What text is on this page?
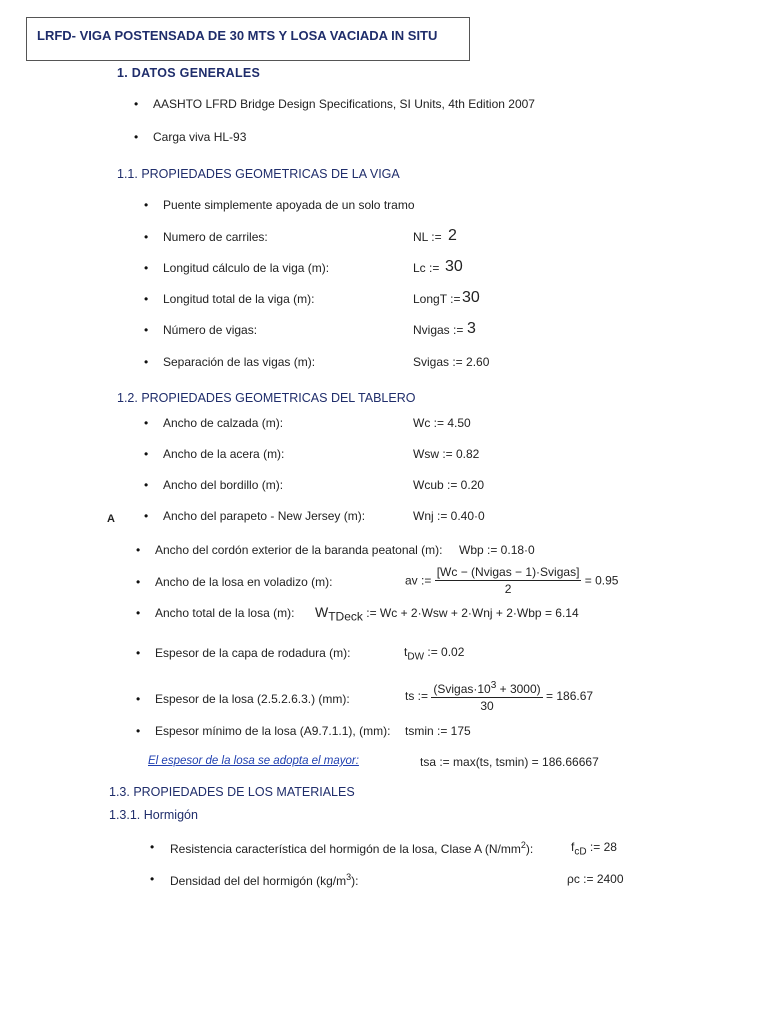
LRFD- VIGA POSTENSADA DE 30 MTS Y LOSA VACIADA IN SITU
1. DATOS GENERALES
• AASHTO LFRD Bridge Design Specifications, SI Units, 4th Edition 2007
• Carga viva HL-93
1.1. PROPIEDADES GEOMETRICAS DE LA VIGA
• Puente simplemente apoyada de un solo tramo
• Numero de carriles:	NL := 2
• Longitud cálculo de la viga (m):	Lc := 30
• Longitud total de la viga (m):	LongT := 30
• Número de vigas:	Nvigas := 3
• Separación de las vigas (m):	Svigas := 2.60
1.2. PROPIEDADES GEOMETRICAS DEL TABLERO
• Ancho de calzada (m):	Wc := 4.50
• Ancho de la acera (m):	Wsw := 0.82
• Ancho del bordillo (m):	Wcub := 0.20
A • Ancho del parapeto - New Jersey (m):	Wnj := 0.40·0
• Ancho del cordón exterior de la baranda peatonal (m): Wbp := 0.18·0
• Ancho de la losa en voladizo (m):	av := $\frac{\text{[Wc − (Nvigas − 1)·Svigas]}}{2} = 0.95$
• Ancho total de la losa (m): $W_{TDeck}$ := Wc + 2·Wsw + 2·Wnj + 2·Wbp = 6.14
• Espesor de la capa de rodadura (m):	$t_{DW}$ := 0.02
• Espesor de la losa (2.5.2.6.3.) (mm):	ts := $\frac{(Svigas\cdot 10^3 + 3000)}{30} = 186.67$
• Espesor mínimo de la losa (A9.7.1.1), (mm): tsmin := 175
El espesor de la losa se adopta el mayor:	tsa := max(ts, tsmin) = 186.66667
1.3. PROPIEDADES DE LOS MATERIALES
1.3.1. Hormigón
• Resistencia característica del hormigón de la losa, Clase A $(N/mm^2)$:	$f_{cD}$ := 28
• Densidad del del hormigón $(kg/m^3)$:	ρc := 2400
